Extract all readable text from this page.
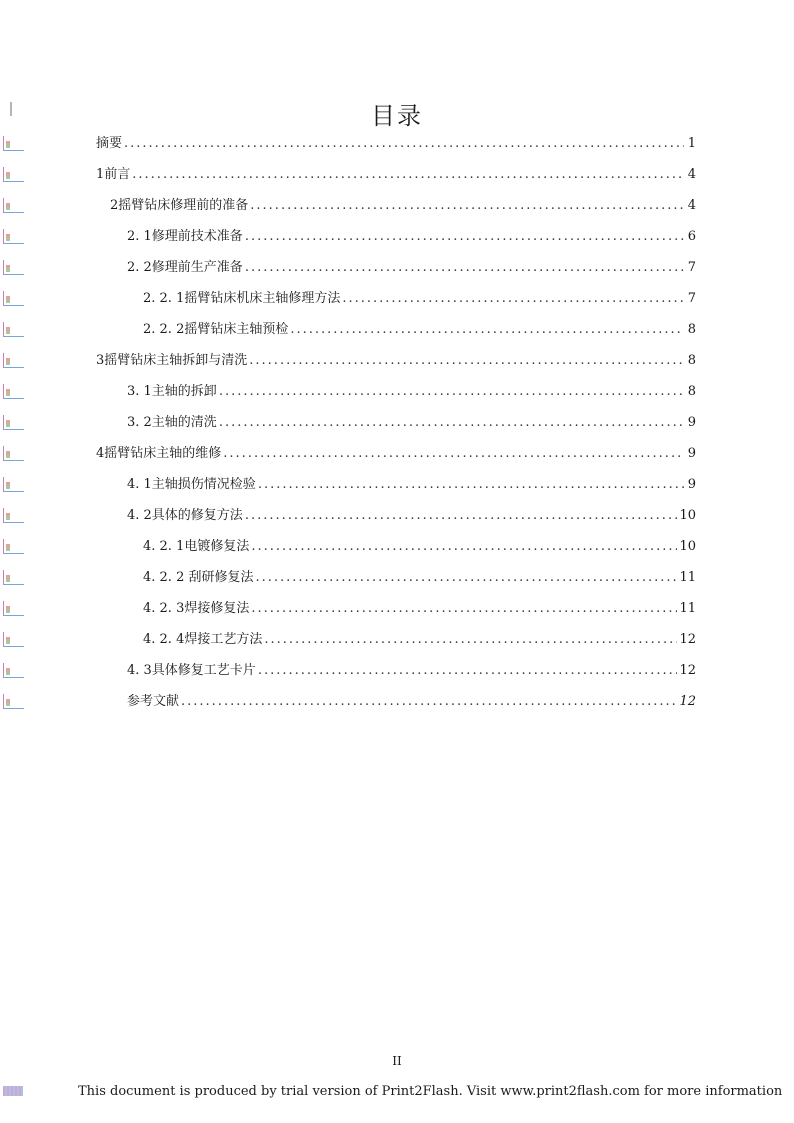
目录
摘要 .....	1
1前言 .....	4
2摇臂钻床修理前的准备 .....	4
2. 1修理前技术准备 .....	6
2. 2修理前生产准备 .....	7
2. 2. 1摇臂钻床机床主轴修理方法 .....	7
2. 2. 2摇臂钻床主轴预检 .....	8
3摇臂钻床主轴拆卸与清洗 .....	8
3. 1主轴的拆卸 .....	8
3. 2主轴的清洗 .....	9
4摇臂钻床主轴的维修 .....	9
4. 1主轴损伤情况检验 .....	9
4. 2具体的修复方法 .....	10
4. 2. 1电镀修复法 .....	10
4. 2. 2 刮研修复法 .....	11
4. 2. 3焊接修复法 .....	11
4. 2. 4焊接工艺方法 .....	12
4. 3具体修复工艺卡片 .....	12
参考文献 .....	12
II
This document is produced by trial version of Print2Flash. Visit www.print2flash.com for more information
